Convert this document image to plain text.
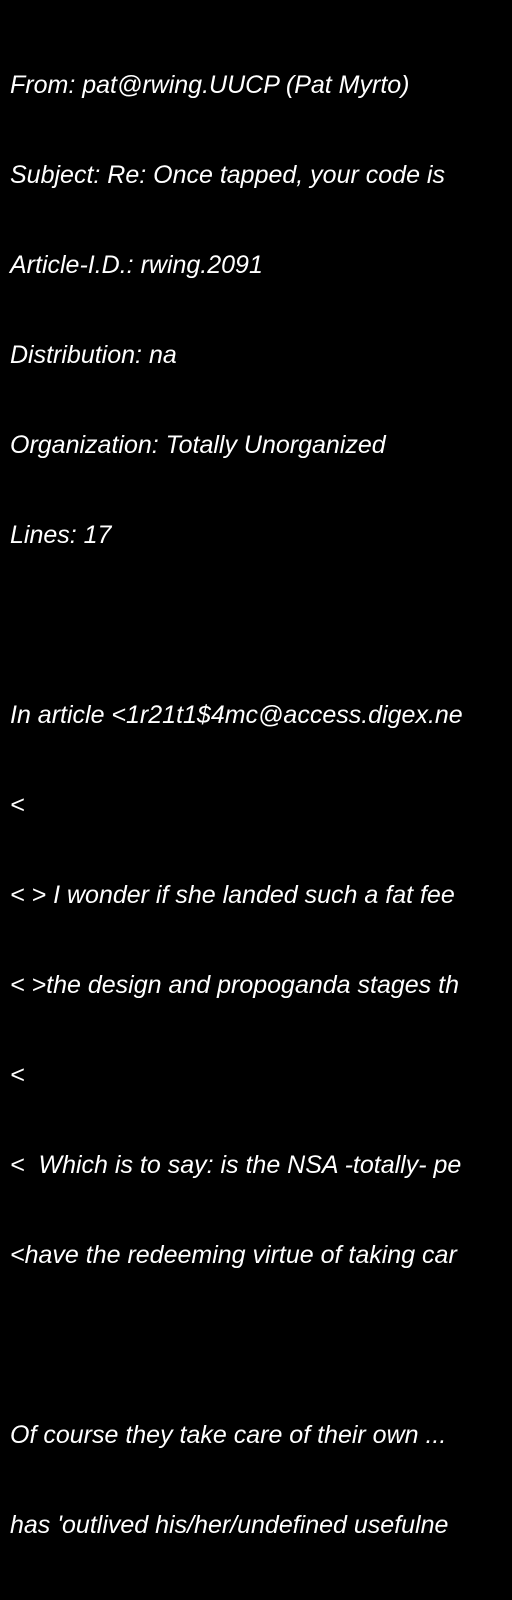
From: pat@rwing.UUCP (Pat Myrto)

Subject: Re: Once tapped, your code is

Article-I.D.: rwing.2091

Distribution: na

Organization: Totally Unorganized

Lines: 17

In article <1r21t1$4mc@access.digex.ne

<

< > I wonder if she landed such a fat fee

< >the design and propoganda stages th

<

<  Which is to say: is the NSA -totally- pe

<have the redeeming virtue of taking car

Of course they take care of their own ...

has 'outlived his/her/undefined usefulne
